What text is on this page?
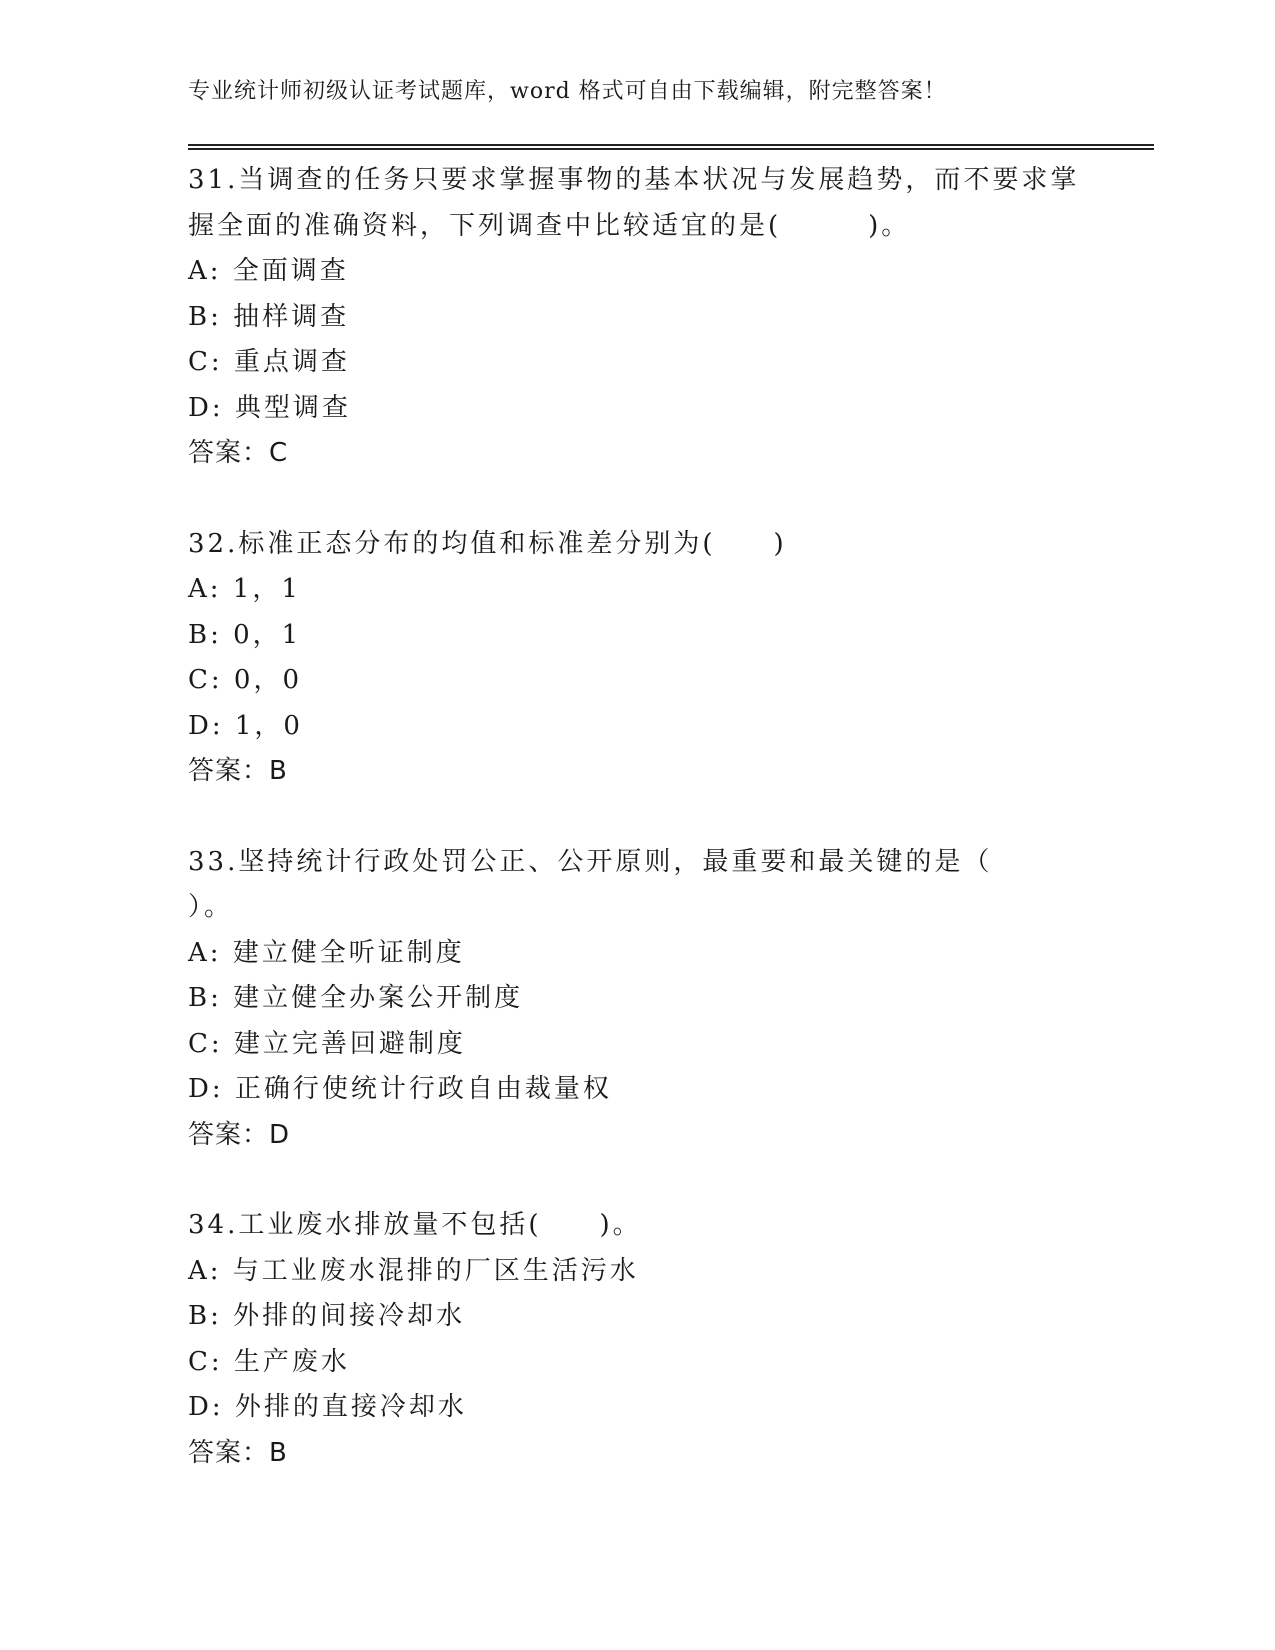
专业统计师初级认证考试题库，word 格式可自由下载编辑，附完整答案！
31.当调查的任务只要求掌握事物的基本状况与发展趋势，而不要求掌
握全面的准确资料，下列调查中比较适宜的是(　　　)。
A: 全面调查
B: 抽样调查
C: 重点调查
D: 典型调查
答案：C
32.标准正态分布的均值和标准差分别为(　　)
A: 1，1
B: 0，1
C: 0，0
D: 1，0
答案：B
33.坚持统计行政处罚公正、公开原则，最重要和最关键的是（
）。
A: 建立健全听证制度
B: 建立健全办案公开制度
C: 建立完善回避制度
D: 正确行使统计行政自由裁量权
答案：D
34.工业废水排放量不包括(　　)。
A: 与工业废水混排的厂区生活污水
B: 外排的间接冷却水
C: 生产废水
D: 外排的直接冷却水
答案：B
